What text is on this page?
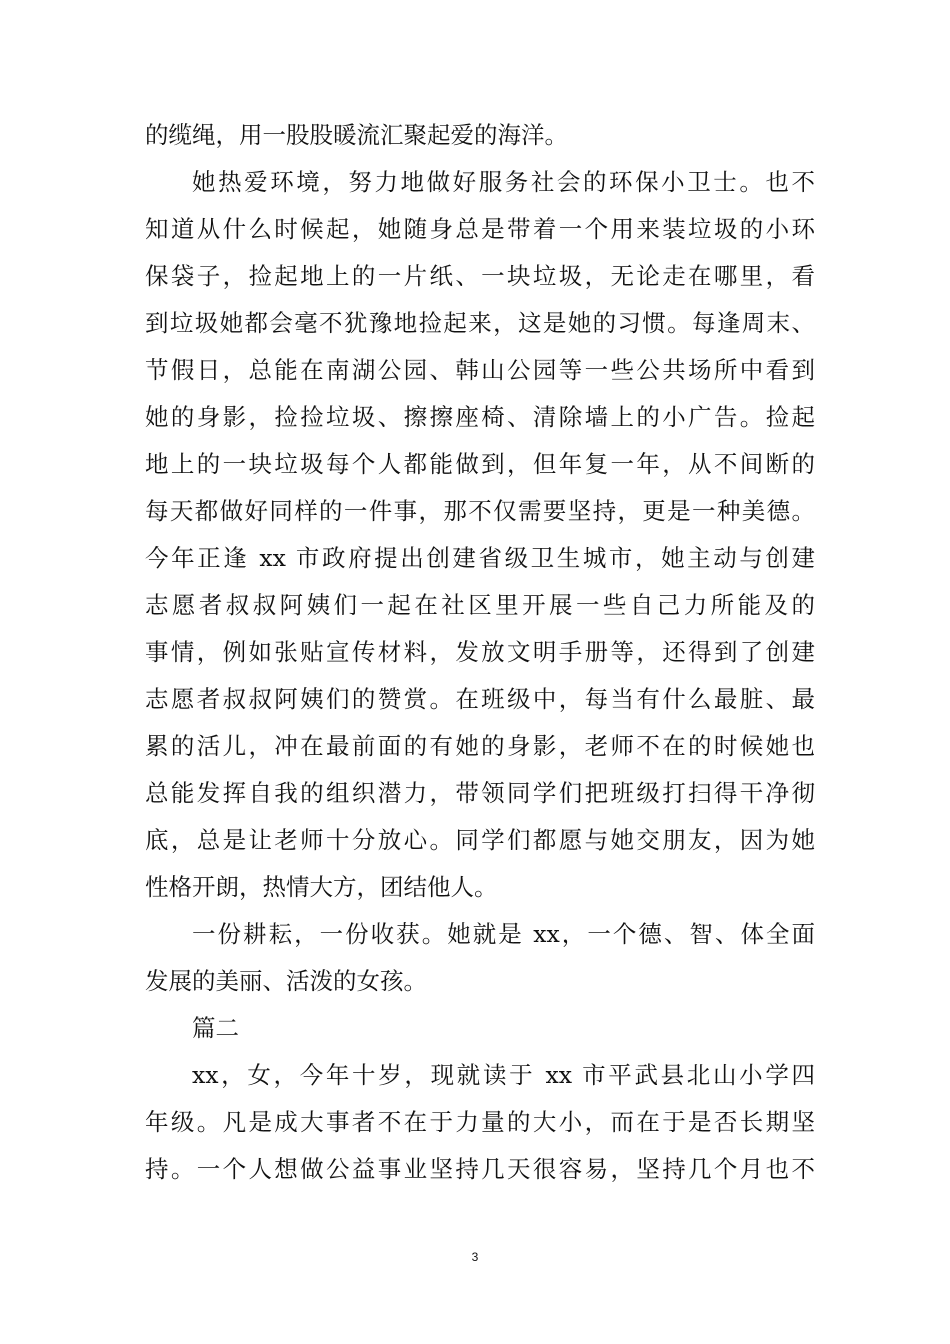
的缆绳，用一股股暖流汇聚起爱的海洋。
她热爱环境，努力地做好服务社会的环保小卫士。也不
知道从什么时候起，她随身总是带着一个用来装垃圾的小环
保袋子，捡起地上的一片纸、一块垃圾，无论走在哪里，看
到垃圾她都会毫不犹豫地捡起来，这是她的习惯。每逢周末、
节假日，总能在南湖公园、韩山公园等一些公共场所中看到
她的身影，捡捡垃圾、擦擦座椅、清除墙上的小广告。捡起
地上的一块垃圾每个人都能做到，但年复一年，从不间断的
每天都做好同样的一件事，那不仅需要坚持，更是一种美德。
今年正逢 xx 市政府提出创建省级卫生城市，她主动与创建
志愿者叔叔阿姨们一起在社区里开展一些自己力所能及的
事情，例如张贴宣传材料，发放文明手册等，还得到了创建
志愿者叔叔阿姨们的赞赏。在班级中，每当有什么最脏、最
累的活儿，冲在最前面的有她的身影，老师不在的时候她也
总能发挥自我的组织潜力，带领同学们把班级打扫得干净彻
底，总是让老师十分放心。同学们都愿与她交朋友，因为她
性格开朗，热情大方，团结他人。
一份耕耘，一份收获。她就是 xx，一个德、智、体全面
发展的美丽、活泼的女孩。
篇二
xx，女，今年十岁，现就读于 xx 市平武县北山小学四
年级。凡是成大事者不在于力量的大小，而在于是否长期坚
持。一个人想做公益事业坚持几天很容易，坚持几个月也不
3
